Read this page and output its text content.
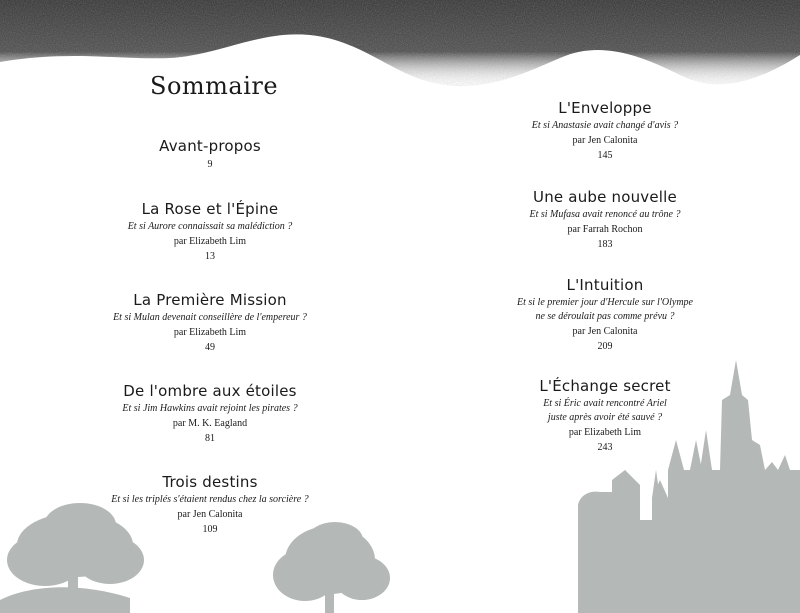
Sommaire
Avant-propos
9
La Rose et l'Épine
Et si Aurore connaissait sa malédiction ?
par Elizabeth Lim
13
La Première Mission
Et si Mulan devenait conseillère de l'empereur ?
par Elizabeth Lim
49
De l'ombre aux étoiles
Et si Jim Hawkins avait rejoint les pirates ?
par M. K. Eagland
81
Trois destins
Et si les triplés s'étaient rendus chez la sorcière ?
par Jen Calonita
109
L'Enveloppe
Et si Anastasie avait changé d'avis ?
par Jen Calonita
145
Une aube nouvelle
Et si Mufasa avait renoncé au trône ?
par Farrah Rochon
183
L'Intuition
Et si le premier jour d'Hercule sur l'Olympe
ne se déroulait pas comme prévu ?
par Jen Calonita
209
L'Échange secret
Et si Éric avait rencontré Ariel
juste après avoir été sauvé ?
par Elizabeth Lim
243
